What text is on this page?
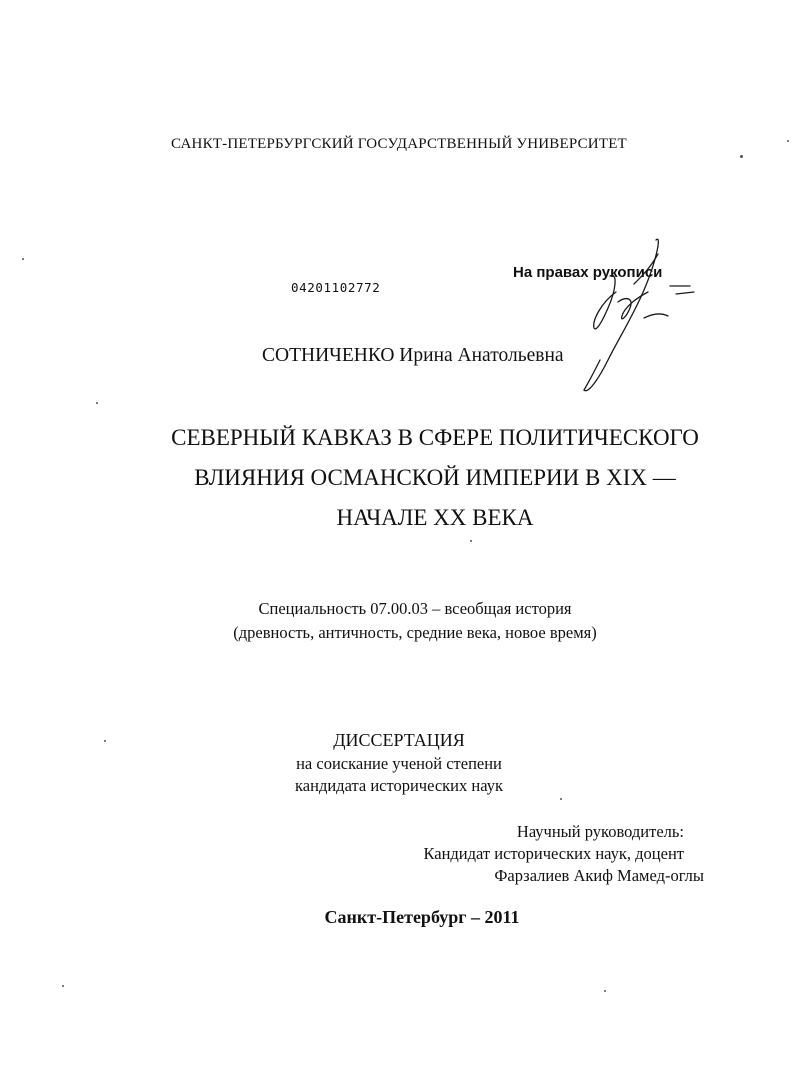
САНКТ-ПЕТЕРБУРГСКИЙ ГОСУДАРСТВЕННЫЙ УНИВЕРСИТЕТ
04201102772
На правах рукописи
СОТНИЧЕНКО Ирина Анатольевна
СЕВЕРНЫЙ КАВКАЗ В СФЕРЕ ПОЛИТИЧЕСКОГО
ВЛИЯНИЯ ОСМАНСКОЙ ИМПЕРИИ В XIX —
НАЧАЛЕ XX ВЕКА
Специальность 07.00.03 – всеобщая история
(древность, античность, средние века, новое время)
ДИССЕРТАЦИЯ
на соискание ученой степени
кандидата исторических наук
Научный руководитель:
Кандидат исторических наук, доцент
Фарзалиев Акиф Мамед-оглы
Санкт-Петербург – 2011
